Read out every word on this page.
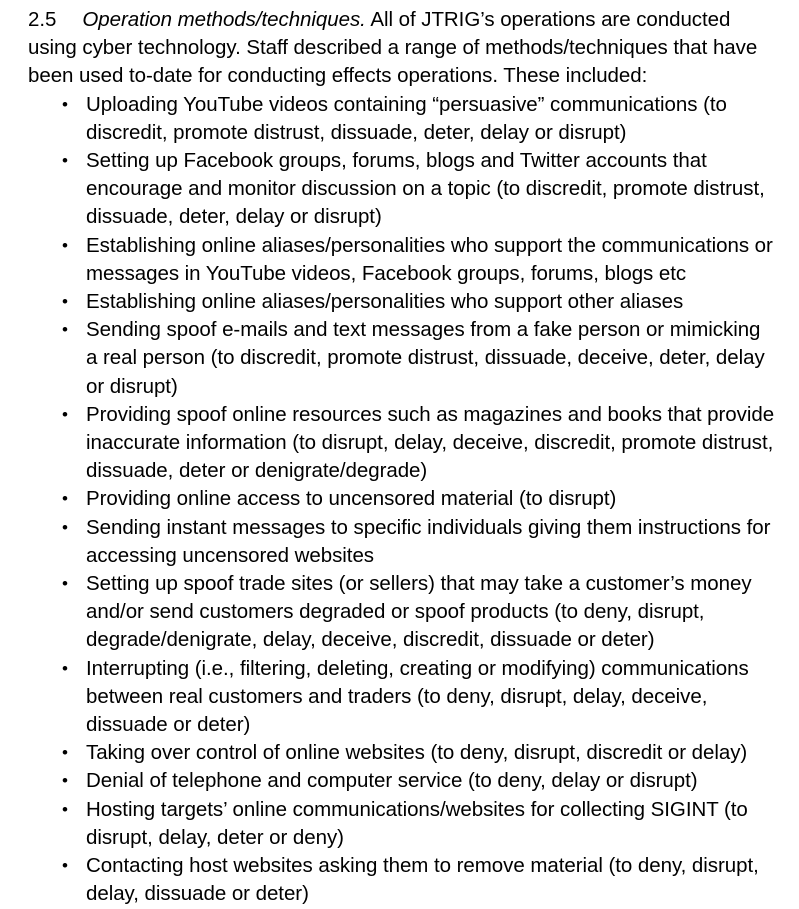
2.5 Operation methods/techniques. All of JTRIG’s operations are conducted using cyber technology. Staff described a range of methods/techniques that have been used to-date for conducting effects operations. These included:

• Uploading YouTube videos containing “persuasive” communications (to discredit, promote distrust, dissuade, deter, delay or disrupt)
• Setting up Facebook groups, forums, blogs and Twitter accounts that encourage and monitor discussion on a topic (to discredit, promote distrust, dissuade, deter, delay or disrupt)
• Establishing online aliases/personalities who support the communications or messages in YouTube videos, Facebook groups, forums, blogs etc
• Establishing online aliases/personalities who support other aliases
• Sending spoof e-mails and text messages from a fake person or mimicking a real person (to discredit, promote distrust, dissuade, deceive, deter, delay or disrupt)
• Providing spoof online resources such as magazines and books that provide inaccurate information (to disrupt, delay, deceive, discredit, promote distrust, dissuade, deter or denigrate/degrade)
• Providing online access to uncensored material (to disrupt)
• Sending instant messages to specific individuals giving them instructions for accessing uncensored websites
• Setting up spoof trade sites (or sellers) that may take a customer’s money and/or send customers degraded or spoof products (to deny, disrupt, degrade/denigrate, delay, deceive, discredit, dissuade or deter)
• Interrupting (i.e., filtering, deleting, creating or modifying) communications between real customers and traders (to deny, disrupt, delay, deceive, dissuade or deter)
• Taking over control of online websites (to deny, disrupt, discredit or delay)
• Denial of telephone and computer service (to deny, delay or disrupt)
• Hosting targets’ online communications/websites for collecting SIGINT (to disrupt, delay, deter or deny)
• Contacting host websites asking them to remove material (to deny, disrupt, delay, dissuade or deter)
